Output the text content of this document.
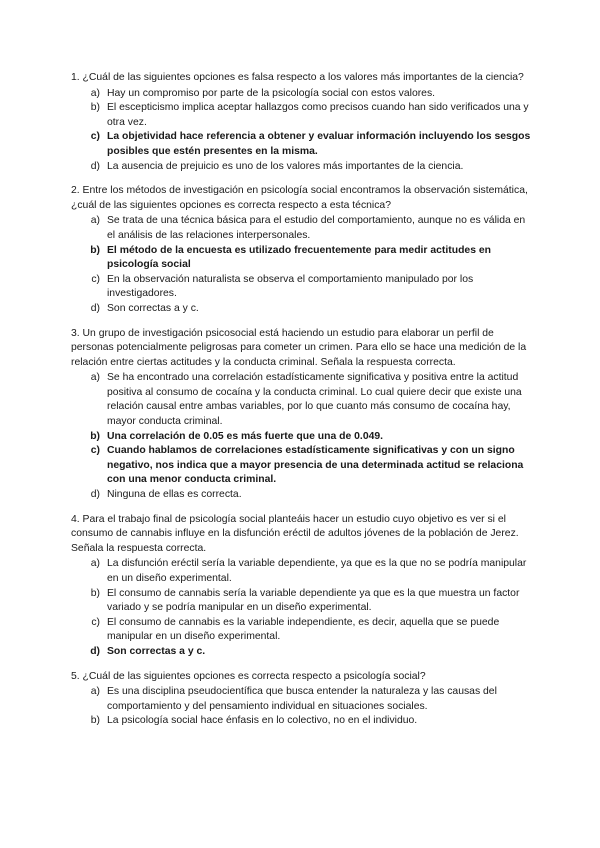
1. ¿Cuál de las siguientes opciones es falsa respecto a los valores más importantes de la ciencia?
a) Hay un compromiso por parte de la psicología social con estos valores.
b) El escepticismo implica aceptar hallazgos como precisos cuando han sido verificados una y otra vez.
c) La objetividad hace referencia a obtener y evaluar información incluyendo los sesgos posibles que estén presentes en la misma.
d) La ausencia de prejuicio es uno de los valores más importantes de la ciencia.
2. Entre los métodos de investigación en psicología social encontramos la observación sistemática, ¿cuál de las siguientes opciones es correcta respecto a esta técnica?
a) Se trata de una técnica básica para el estudio del comportamiento, aunque no es válida en el análisis de las relaciones interpersonales.
b) El método de la encuesta es utilizado frecuentemente para medir actitudes en psicología social
c) En la observación naturalista se observa el comportamiento manipulado por los investigadores.
d) Son correctas a y c.
3. Un grupo de investigación psicosocial está haciendo un estudio para elaborar un perfil de personas potencialmente peligrosas para cometer un crimen. Para ello se hace una medición de la relación entre ciertas actitudes y la conducta criminal. Señala la respuesta correcta.
a) Se ha encontrado una correlación estadísticamente significativa y positiva entre la actitud positiva al consumo de cocaína y la conducta criminal. Lo cual quiere decir que existe una relación causal entre ambas variables, por lo que cuanto más consumo de cocaína hay, mayor conducta criminal.
b) Una correlación de 0.05 es más fuerte que una de 0.049.
c) Cuando hablamos de correlaciones estadísticamente significativas y con un signo negativo, nos indica que a mayor presencia de una determinada actitud se relaciona con una menor conducta criminal.
d) Ninguna de ellas es correcta.
4. Para el trabajo final de psicología social planteáis hacer un estudio cuyo objetivo es ver si el consumo de cannabis influye en la disfunción eréctil de adultos jóvenes de la población de Jerez. Señala la respuesta correcta.
a) La disfunción eréctil sería la variable dependiente, ya que es la que no se podría manipular en un diseño experimental.
b) El consumo de cannabis sería la variable dependiente ya que es la que muestra un factor variado y se podría manipular en un diseño experimental.
c) El consumo de cannabis es la variable independiente, es decir, aquella que se puede manipular en un diseño experimental.
d) Son correctas a y c.
5. ¿Cuál de las siguientes opciones es correcta respecto a psicología social?
a) Es una disciplina pseudocientífica que busca entender la naturaleza y las causas del comportamiento y del pensamiento individual en situaciones sociales.
b) La psicología social hace énfasis en lo colectivo, no en el individuo.
